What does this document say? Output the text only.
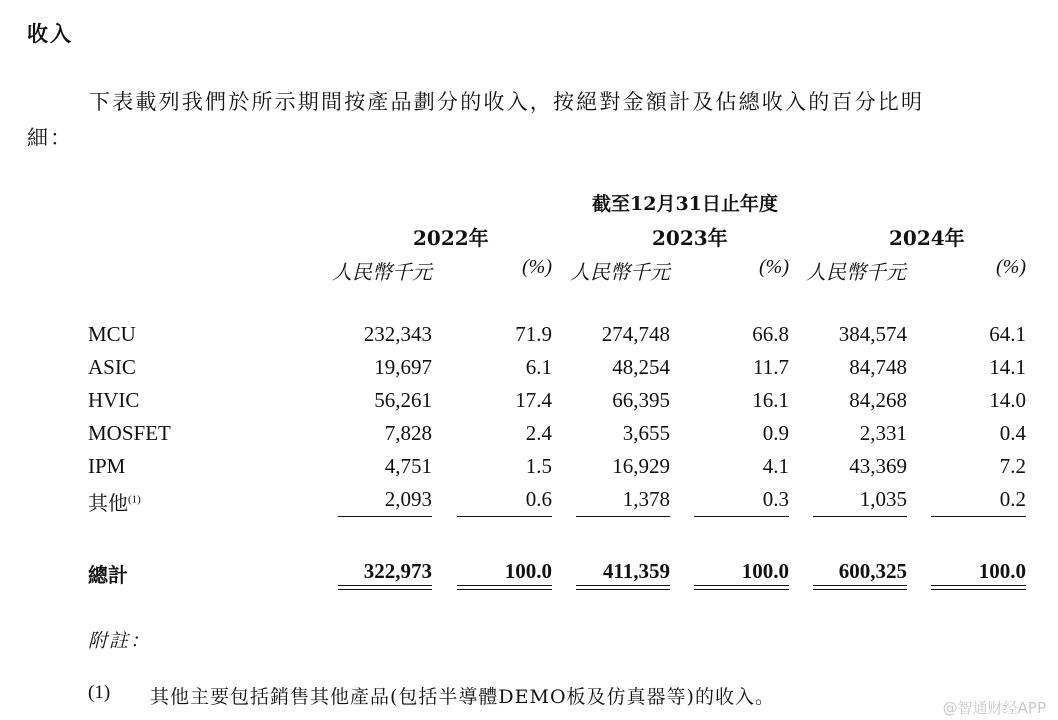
收入
下表載列我們於所示期間按產品劃分的收入，按絕對金額計及佔總收入的百分比明
細：
截至12月31日止年度
2022年	2023年	2024年
人民幣千元	(%) 人民幣千元	(%) 人民幣千元	(%)
MCU	232,343	71.9	274,748	66.8	384,574	64.1
ASIC	19,697	6.1	48,254	11.7	84,748	14.1
HVIC	56,261	17.4	66,395	16.1	84,268	14.0
MOSFET	7,828	2.4	3,655	0.9	2,331	0.4
IPM	4,751	1.5	16,929	4.1	43,369	7.2
其他$^{(1)}$	2,093	0.6	1,378	0.3	1,035	0.2
總計	322,973	100.0	411,359	100.0	600,325	100.0
附註：
(1) 其他主要包括銷售其他產品(包括半導體DEMO板及仿真器等)的收入。	@智通财经APP
